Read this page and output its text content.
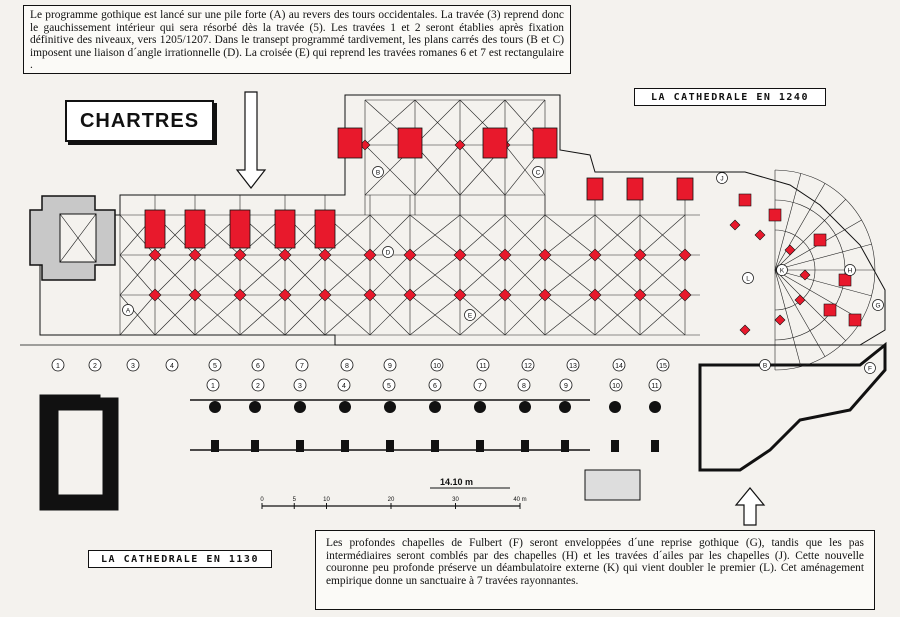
0	5	10	20	30	40 m
1	2	3	4	5	6	7	8	9	10	11	12	13	14	15
1	2	3	4	5	6	7	8	9	10	11
A
B	C
D
E
F
G
H
J
K
L
B
Le programme gothique est lancé sur une pile forte (A) au revers des tours occidentales. La travée (3) reprend donc le gauchissement intérieur qui sera résorbé dès la travée (5). Les travées 1 et 2 seront établies après fixation définitive des niveaux, vers 1205/1207. Dans le transept programmé tardivement, les plans carrés des tours (B et C) imposent une liaison d´angle irrationnelle (D). La croisée (E) qui reprend les travées romanes 6 et 7 est rectangulaire .
CHARTRES
LA CATHEDRALE EN 1240
LA CATHEDRALE EN 1130
14.10 m
Les profondes chapelles de Fulbert (F) seront enveloppées d´une reprise gothique (G), tandis que les pas intermédiaires seront comblés par des chapelles (H) et les travées d´ailes par les chapelles (J). Cette nouvelle couronne peu profonde préserve un déambulatoire externe (K) qui vient doubler le premier (L). Cet aménagement empirique donne un sanctuaire à 7 travées rayonnantes.
